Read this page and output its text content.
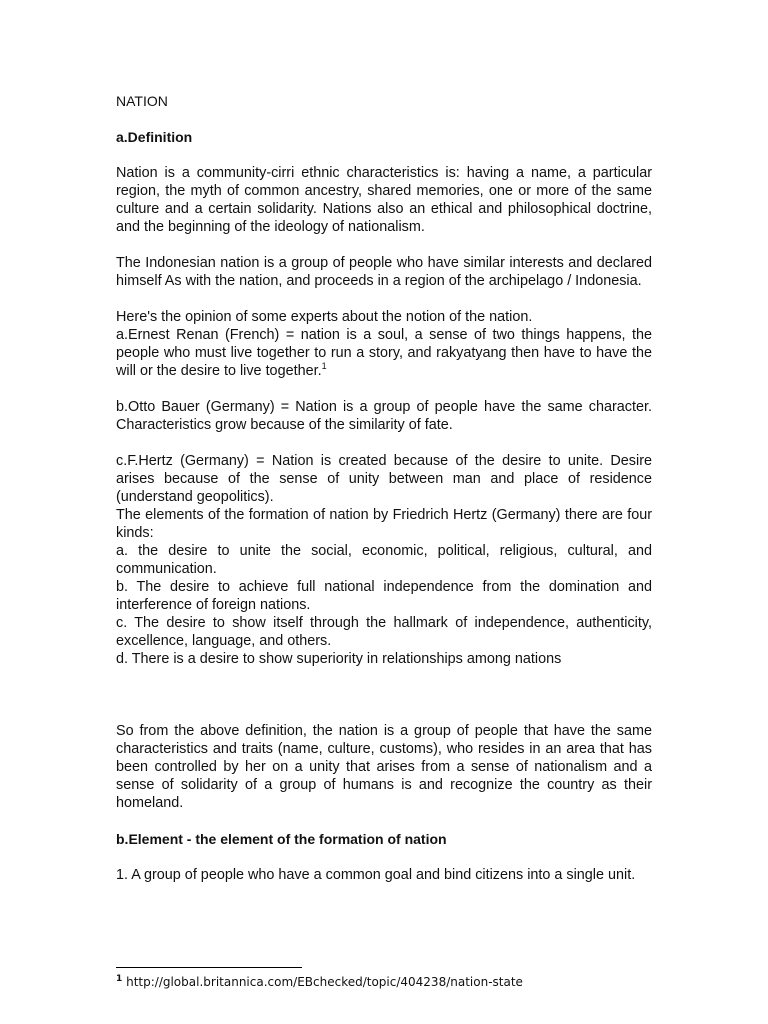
NATION
a.Definition

Nation is a community-cirri ethnic characteristics is: having a name, a particular region, the myth of common ancestry, shared memories, one or more of the same culture and a certain solidarity. Nations also an ethical and philosophical doctrine, and the beginning of the ideology of nationalism.

The Indonesian nation is a group of people who have similar interests and declared himself As with the nation, and proceeds in a region of the archipelago / Indonesia.

Here's the opinion of some experts about the notion of the nation.

a.Ernest Renan (French) = nation is a soul, a sense of two things happens, the people who must live together to run a story, and rakyatyang then have to have the will or the desire to live together.$^1$

b.Otto Bauer (Germany) = Nation is a group of people have the same character. Characteristics grow because of the similarity of fate.

c.F.Hertz (Germany) = Nation is created because of the desire to unite. Desire arises because of the sense of unity between man and place of residence (understand geopolitics).

The elements of the formation of nation by Friedrich Hertz (Germany) there are four kinds:

a. the desire to unite the social, economic, political, religious, cultural, and communication.

b. The desire to achieve full national independence from the domination and interference of foreign nations.

c. The desire to show itself through the hallmark of independence, authenticity, excellence, language, and others.

d. There is a desire to show superiority in relationships among nations

So from the above definition, the nation is a group of people that have the same characteristics and traits (name, culture, customs), who resides in an area that has been controlled by her on a unity that arises from a sense of nationalism and a sense of solidarity of a group of humans is and recognize the country as their homeland.

b.Element - the element of the formation of nation

1. A group of people who have a common goal and bind citizens into a single unit.

$^1$ http://global.britannica.com/EBchecked/topic/404238/nation-state
